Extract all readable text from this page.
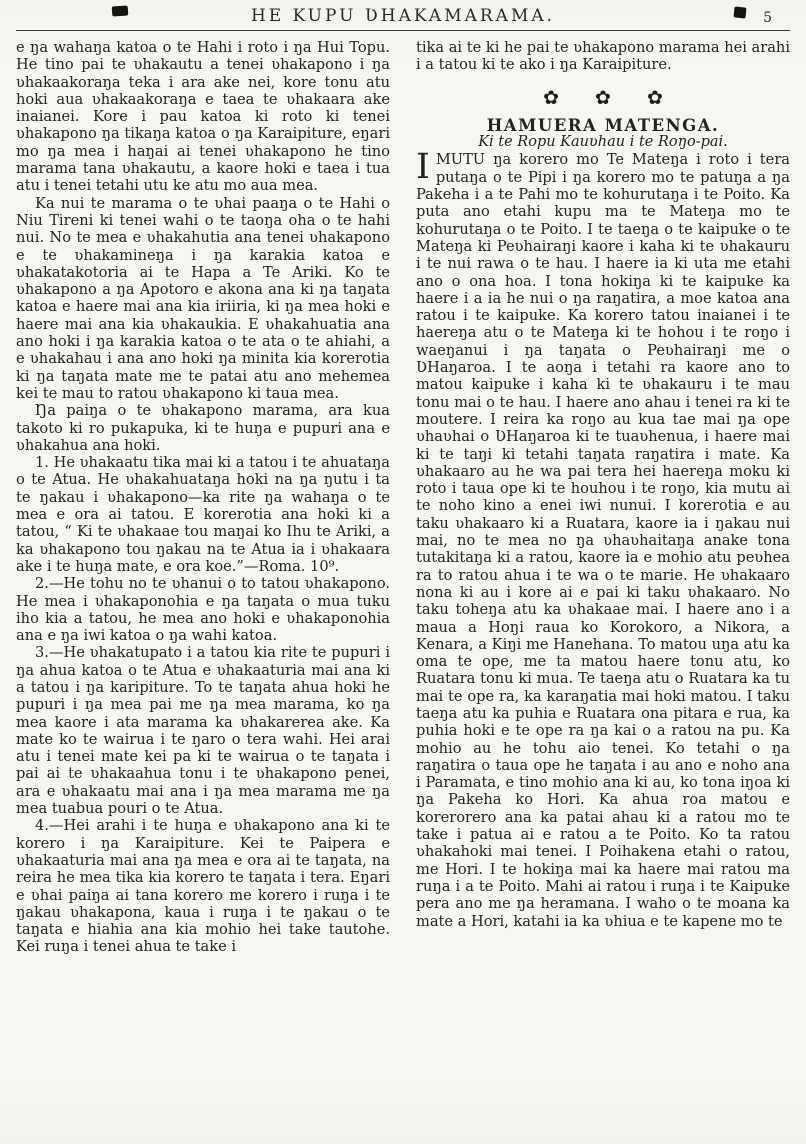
HE KUPU ƲHAKAMARAMA.	5

e ŋa wahaŋa katoa o te Hahi i roto i ŋa Hui Topu. He tino pai te ʋhakautu a tenei ʋhakapono i ŋa ʋhakaakoraŋa teka i ara ake nei, kore tonu atu hoki aua ʋhakaakoraŋa e taea te ʋhakaara ake inaianei. Kore i pau katoa ki roto ki tenei ʋhakapono ŋa tikaŋa katoa o ŋa Karaipiture, eŋari mo ŋa mea i haŋai ai tenei ʋhakapono he tino marama tana ʋhakautu, a kaore hoki e taea i tua atu i tenei tetahi utu ke atu mo aua mea.

Ka nui te marama o te ʋhai paaŋa o te Hahi o Niu Tireni ki tenei wahi o te taoŋa oha o te hahi nui. No te mea e ʋhakahutia ana tenei ʋhakapono e te ʋhakamineŋa i ŋa karakia katoa e ʋhakatakotoria ai te Hapa a Te Ariki. Ko te ʋhakapono a ŋa Apotoro e akona ana ki ŋa taŋata katoa e haere mai ana kia iriiria, ki ŋa mea hoki e haere mai ana kia ʋhakaukia. E ʋhakahuatia ana ano hoki i ŋa karakia katoa o te ata o te ahiahi, a e ʋhakahau i ana ano hoki ŋa minita kia korerotia ki ŋa taŋata mate me te patai atu ano mehemea kei te mau to ratou ʋhakapono ki taua mea.

Ŋa paiŋa o te ʋhakapono marama, ara kua takoto ki ro pukapuka, ki te huŋa e pupuri ana e ʋhakahua ana hoki.

1. He ʋhakaatu tika mai ki a tatou i te ahuataŋa o te Atua. He ʋhakahuataŋa hoki na ŋa ŋutu i ta te ŋakau i ʋhakapono—ka rite ŋa wahaŋa o te mea e ora ai tatou. E korerotia ana hoki ki a tatou, “ Ki te ʋhakaae tou maŋai ko Ihu te Ariki, a ka ʋhakapono tou ŋakau na te Atua ia i ʋhakaara ake i te huŋa mate, e ora koe.”—Roma. 10⁹.

2.—He tohu no te ʋhanui o to tatou ʋhakapono. He mea i ʋhakaponohia e ŋa taŋata o mua tuku iho kia a tatou, he mea ano hoki e ʋhakaponohia ana e ŋa iwi katoa o ŋa wahi katoa.

3.—He ʋhakatupato i a tatou kia rite te pupuri i ŋa ahua katoa o te Atua e ʋhakaaturia mai ana ki a tatou i ŋa karipiture. To te taŋata ahua hoki he pupuri i ŋa mea pai me ŋa mea marama, ko ŋa mea kaore i ata marama ka ʋhakarerea ake. Ka mate ko te wairua i te ŋaro o tera wahi. Hei arai atu i tenei mate kei pa ki te wairua o te taŋata i pai ai te ʋhakaahua tonu i te ʋhakapono penei, ara e ʋhakaatu mai ana i ŋa mea marama me ŋa mea tuabua pouri o te Atua.

4.—Hei arahi i te huŋa e ʋhakapono ana ki te korero i ŋa Karaipiture. Kei te Paipera e ʋhakaaturia mai ana ŋa mea e ora ai te taŋata, na reira he mea tika kia korero te taŋata i tera. Eŋari e ʋhai paiŋa ai tana korero me korero i ruŋa i te ŋakau ʋhakapona, kaua i ruŋa i te ŋakau o te taŋata e hiahia ana kia mohio hei take tautohe. Kei ruŋa i tenei ahua te take i

tika ai te ki he pai te ʋhakapono marama hei arahi i a tatou ki te ako i ŋa Karaipiture.

✿ ✿ ✿

HAMUERA MATENGA.

Ki te Ropu Kauʋhau i te Roŋo-pai.

IMUTU ŋa korero mo Te Mateŋa i roto i tera putaŋa o te Pipi i ŋa korero mo te patuŋa a ŋa Pakeha i a te Pahi mo te kohurutaŋa i te Poito. Ka puta ano etahi kupu ma te Mateŋa mo te kohurutaŋa o te Poito. I te taeŋa o te kaipuke o te Mateŋa ki Peʋhairaŋi kaore i kaha ki te ʋhakauru i te nui rawa o te hau. I haere ia ki uta me etahi ano o ona hoa. I tona hokiŋa ki te kaipuke ka haere i a ia he nui o ŋa raŋatira, a moe katoa ana ratou i te kaipuke. Ka korero tatou inaianei i te haereŋa atu o te Mateŋa ki te hohou i te roŋo i waeŋanui i ŋa taŋata o Peʋhairaŋi me o ƲHaŋaroa. I te aoŋa i tetahi ra kaore ano to matou kaipuke i kaha ki te ʋhakauru i te mau tonu mai o te hau. I haere ano ahau i tenei ra ki te moutere. I reira ka roŋo au kua tae mai ŋa ope ʋhaʋhai o ƲHaŋaroa ki te tuaʋhenua, i haere mai ki te taŋi ki tetahi taŋata raŋatira i mate. Ka ʋhakaaro au he wa pai tera hei haereŋa moku ki roto i taua ope ki te houhou i te roŋo, kia mutu ai te noho kino a enei iwi nunui. I korerotia e au taku ʋhakaaro ki a Ruatara, kaore ia i ŋakau nui mai, no te mea no ŋa ʋhaʋhaitaŋa anake tona tutakitaŋa ki a ratou, kaore ia e mohio atu peʋhea ra to ratou ahua i te wa o te marie. He ʋhakaaro nona ki au i kore ai e pai ki taku ʋhakaaro. No taku toheŋa atu ka ʋhakaae mai. I haere ano i a maua a Hoŋi raua ko Korokoro, a Nikora, a Kenara, a Kiŋi me Hanehana. To matou uŋa atu ka oma te ope, me ta matou haere tonu atu, ko Ruatara tonu ki mua. Te taeŋa atu o Ruatara ka tu mai te ope ra, ka karaŋatia mai hoki matou. I taku taeŋa atu ka puhia e Ruatara ona pitara e rua, ka puhia hoki e te ope ra ŋa kai o a ratou na pu. Ka mohio au he tohu aio tenei. Ko tetahi o ŋa raŋatira o taua ope he taŋata i au ano e noho ana i Paramata, e tino mohio ana ki au, ko tona iŋoa ki ŋa Pakeha ko Hori. Ka ahua roa matou e korerorero ana ka patai ahau ki a ratou mo te take i patua ai e ratou a te Poito. Ko ta ratou ʋhakahoki mai tenei. I Poihakena etahi o ratou, me Hori. I te hokiŋa mai ka haere mai ratou ma ruŋa i a te Poito. Mahi ai ratou i ruŋa i te Kaipuke pera ano me ŋa heramana. I waho o te moana ka mate a Hori, katahi ia ka ʋhiua e te kapene mo te
